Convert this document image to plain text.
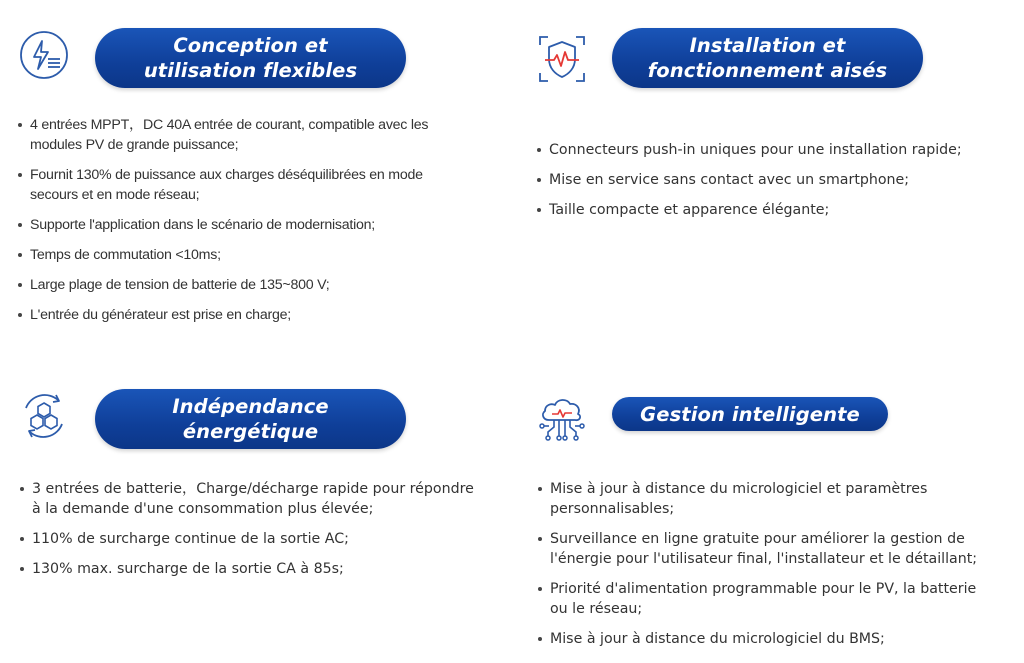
Conception et
utilisation flexibles
4 entrées MPPT，DC 40A entrée de courant, compatible avec les modules PV de grande puissance;
Fournit 130% de puissance aux charges déséquilibrées en mode secours et en mode réseau;
Supporte l'application dans le scénario de modernisation;
Temps de commutation <10ms;
Large plage de tension de batterie de 135~800 V;
L'entrée du générateur est prise en charge;
Installation et
fonctionnement aisés
Connecteurs push-in uniques pour une installation rapide;
Mise en service sans contact avec un smartphone;
Taille compacte et apparence élégante;
Indépendance
énergétique
3 entrées de batterie，Charge/décharge rapide pour répondre à la demande d'une consommation plus élevée;
110% de surcharge continue de la sortie AC;
130% max. surcharge de la sortie CA à 85s;
Gestion intelligente
Mise à jour à distance du micrologiciel et paramètres personnalisables;
Surveillance en ligne gratuite pour améliorer la gestion de l'énergie pour l'utilisateur final, l'installateur et le détaillant;
Priorité d'alimentation programmable pour le PV, la batterie ou le réseau;
Mise à jour à distance du micrologiciel du BMS;
